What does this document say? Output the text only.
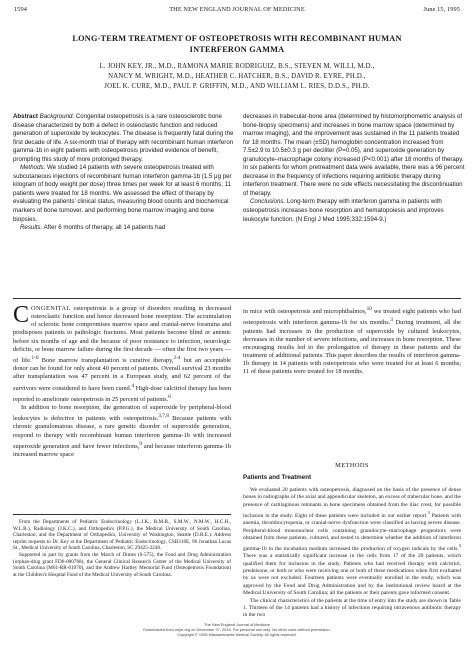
1594	THE NEW ENGLAND JOURNAL OF MEDICINE	June 15, 1995
LONG-TERM TREATMENT OF OSTEOPETROSIS WITH RECOMBINANT HUMAN
INTERFERON GAMMA
L. JOHN KEY, JR., M.D., RAMONA MARIE RODRIGUIZ, B.S., STEVEN M. WILLI, M.D.,
NANCY M. WRIGHT, M.D., HEATHER C. HATCHER, B.S., DAVID R. EYRE, PH.D.,
JOEL K. CURE, M.D., PAUL P. GRIFFIN, M.D., AND WILLIAM L. RIES, D.D.S., PH.D.

Abstract Background. Congenital osteopetrosis is a rare osteosclerotic bone disease characterized by both a defect in osteoclastic function and reduced generation of superoxide by leukocytes. The disease is frequently fatal during the first decade of life. A six-month trial of therapy with recombinant human interferon gamma-1b in eight patients with osteopetrosis provided evidence of benefit, prompting this study of more prolonged therapy.

Methods. We studied 14 patients with severe osteopetrosis treated with subcutaneous injections of recombinant human interferon gamma-1b (1.5 μg per kilogram of body weight per dose) three times per week for at least 6 months; 11 patients were treated for 18 months. We assessed the effect of therapy by evaluating the patients' clinical status, measuring blood counts and biochemical markers of bone turnover, and performing bone marrow imaging and bone biopsies.

Results. After 6 months of therapy, all 14 patients had

decreases in trabecular-bone area (determined by histomorphometric analysis of bone-biopsy specimens) and increases in bone marrow space (determined by marrow imaging), and the improvement was sustained in the 11 patients treated for 18 months. The mean (±SD) hemoglobin concentration increased from 7.5±2.9 to 10.5±0.3 g per deciliter (P=0.05), and superoxide generation by granulocyte–macrophage colony increased (P<0.001) after 18 months of therapy. In six patients for whom pretreatment data were available, there was a 96 percent decrease in the frequency of infections requiring antibiotic therapy during interferon treatment. There were no side effects necessitating the discontinuation of therapy.

Conclusions. Long-term therapy with interferon gamma in patients with osteopetrosis increases bone resorption and hematopoiesis and improves leukocyte function. (N Engl J Med 1995;332:1594-9.)

CONGENITAL osteopetrosis is a group of disorders resulting in decreased osteoclastic function and hence decreased bone resorption. The accumulation of sclerotic bone compromises marrow space and cranial-nerve foramina and predisposes patients to pathologic fractures. Most patients become blind or anemic before six months of age and die because of poor resistance to infection, neurologic deficits, or bone marrow failure during the first decade — often the first two years — of life.$^{1-6}$ Bone marrow transplantation is curative therapy,$^{2-4}$ but an acceptable donor can be found for only about 40 percent of patients. Overall survival 23 months after transplantation was 47 percent in a European study, and 62 percent of the survivors were considered to have been cured.$^4$ High-dose calcitriol therapy has been reported to ameliorate osteopetrosis in 25 percent of patients.$^6$

In addition to bone resorption, the generation of superoxide by peripheral-blood leukocytes is defective in patients with osteopetrosis.$^{3,7,8}$ Because patients with chronic granulomatous disease, a rare genetic disorder of superoxide generation, respond to therapy with recombinant human interferon gamma-1b with increased superoxide generation and have fewer infections,$^9$ and because interferon gamma-1b increased marrow space

From the Departments of Pediatric Endocrinology (L.J.K., R.M.R., S.M.W., N.M.W., H.C.H., W.L.R.), Radiology (J.K.C.), and Orthopedics (P.P.G.), the Medical University of South Carolina, Charleston; and the Department of Orthopedics, University of Washington, Seattle (D.R.E.). Address reprint requests to Dr. Key at the Department of Pediatric Endocrinology, CSB316E, 96 Jonathan Lucas St., Medical University of South Carolina, Charleston, SC 29425-2248.

Supported in part by grants from the March of Dimes (6-575), the Food and Drug Administration (orphan-drug grant FD6-000768), the General Clinical Research Center of the Medical University of South Carolina (M01-RR-01070), and the Andrew Hartley Memorial Fund (Osteopetrosis Foundation) at the Children's Hospital Fund of the Medical University of South Carolina.

in mice with osteopetrosis and microphthalmos,$^{10}$ we treated eight patients who had osteopetrosis with interferon gamma-1b for six months.$^3$ During treatment, all the patients had increases in the production of superoxide by cultured leukocytes, decreases in the number of severe infections, and increases in bone resorption. These encouraging results led to the prolongation of therapy in these patients and the treatment of additional patients. This paper describes the results of interferon gamma-1b therapy in 14 patients with osteopetrosis who were treated for at least 6 months; 11 of these patients were treated for 18 months.

METHODS
Patients and Treatment

We evaluated 20 patients with osteopetrosis, diagnosed on the basis of the presence of dense bones in radiographs of the axial and appendicular skeleton, an excess of trabecular bone, and the presence of cartilaginous remnants in bone specimens obtained from the iliac crest, for possible inclusion in the study. Eight of these patients were included in our earlier report.$^3$ Patients with anemia, thrombocytopenia, or cranial-nerve dysfunction were classified as having severe disease. Peripheral-blood mononuclear cells containing granulocyte–macrophage progenitors were obtained from these patients, cultured, and tested to determine whether the addition of interferon gamma-1b to the incubation medium increased the production of oxygen radicals by the cells.$^3$ There was a statistically significant increase in the cells from 17 of the 20 patients, which qualified them for inclusion in the study. Patients who had received therapy with calcitriol, prednisone, or both or who were receiving one or both of these medications when first evaluated by us were not excluded. Fourteen patients were eventually enrolled in the study, which was approved by the Food and Drug Administration and by the institutional review board at the Medical University of South Carolina; all the patients or their parents gave informed consent.

The clinical characteristics of the patients at the time of entry into the study are shown in Table 1. Thirteen of the 14 patients had a history of infections requiring intravenous antibiotic therapy in the two

The New England Journal of Medicine
Downloaded from nejm.org on December 27, 2015. For personal use only. No other uses without permission.
Copyright © 1995 Massachusetts Medical Society. All rights reserved.
